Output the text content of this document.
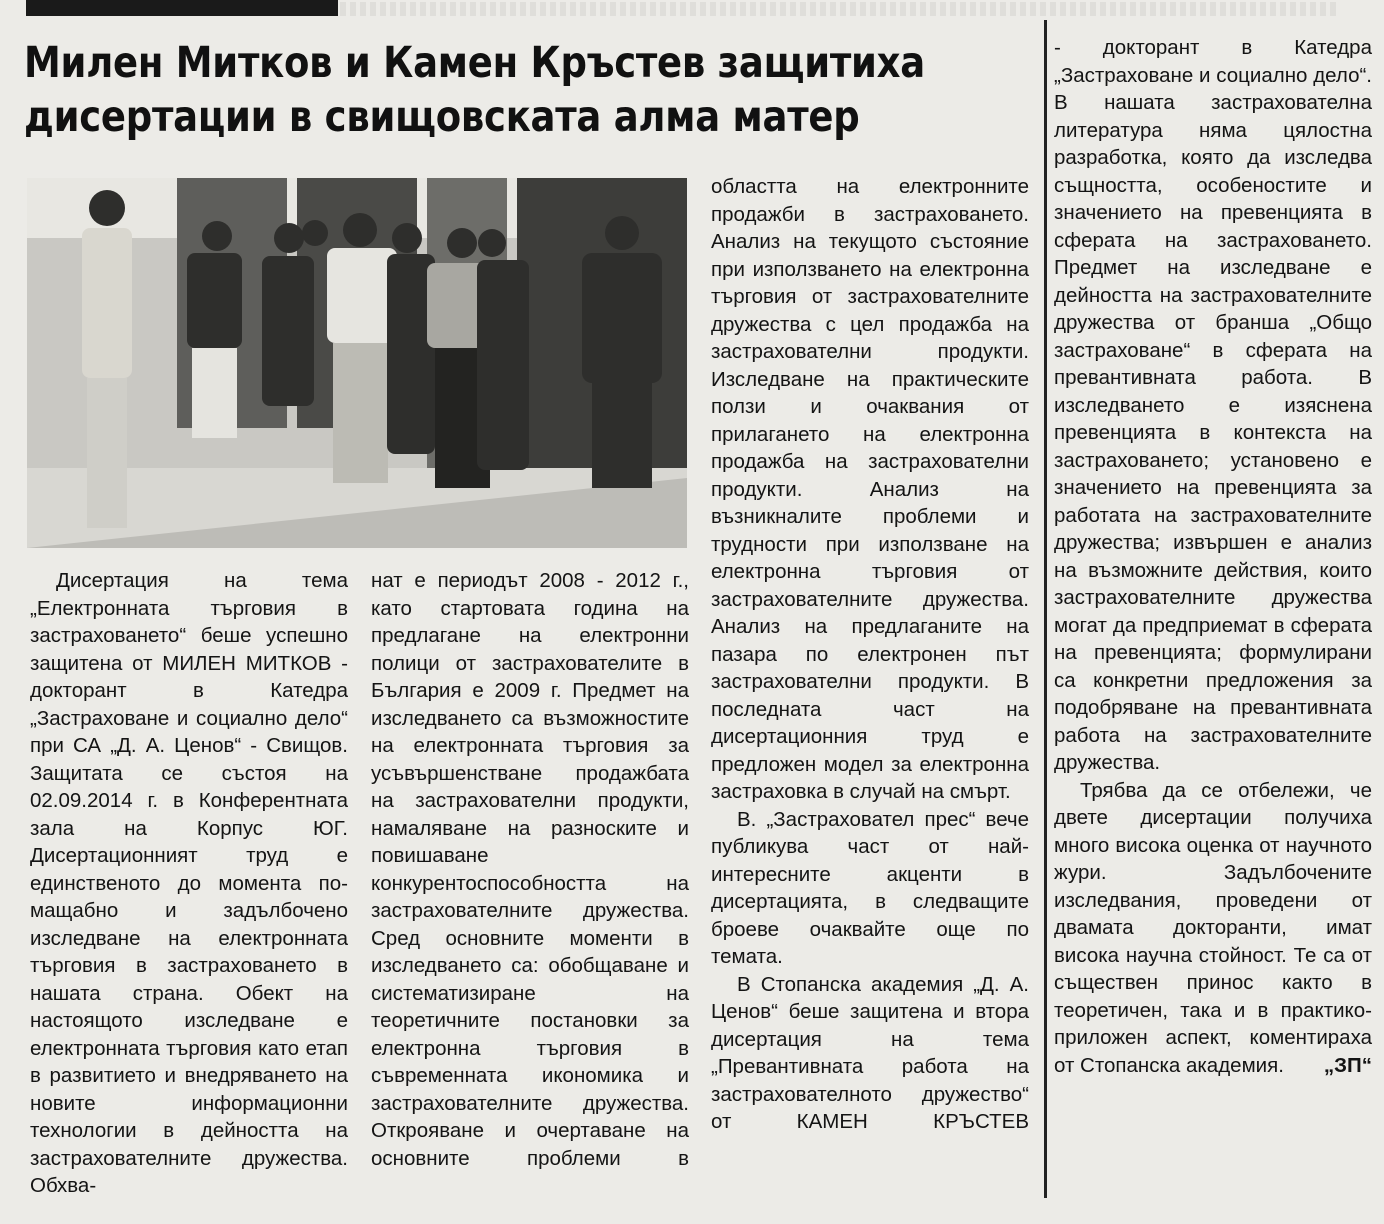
Милен Митков и Камен Кръстев защитиха
дисертации в свищовската алма матер

Дисертация на тема „Електронната търговия в застраховането“ беше успешно защитена от МИЛЕН МИТКОВ - докторант в Катедра „Застраховане и социално дело“ при СА „Д. А. Ценов“ - Свищов. Защитата се състоя на 02.09.2014 г. в Конферентната зала на Корпус ЮГ. Дисертационният труд е единственото до момента по-мащабно и задълбочено изследване на електронната търговия в застраховането в нашата страна. Обект на настоящото изследване е електронната търговия като етап в развитието и внедряването на новите информационни технологии в дейността на застрахователните дружества. Обхва-

нат е периодът 2008 - 2012 г., като стартовата година на предлагане на електронни полици от застрахователите в България е 2009 г. Предмет на изследването са възможностите на електронната търговия за усъвършенстване продажбата на застрахователни продукти, намаляване на разноските и повишаване конкурентоспособността на застрахователните дружества. Сред основните моменти в изследването са: обобщаване и систематизиране на теоретичните постановки за електронна търговия в съвременната икономика и застрахователните дружества. Открояване и очертаване на основните проблеми в

областта на електронните продажби в застраховането. Анализ на текущото състояние при използването на електронна търговия от застрахователните дружества с цел продажба на застрахователни продукти. Изследване на практическите ползи и очаквания от прилагането на електронна продажба на застрахователни продукти. Анализ на възникналите проблеми и трудности при използване на електронна търговия от застрахователните дружества. Анализ на предлаганите на пазара по електронен път застрахователни продукти. В последната част на дисертационния труд е предложен модел за електронна застраховка в случай на смърт.

В. „Застраховател прес“ вече публикува част от най-интересните акценти в дисертацията, в следващите броеве очаквайте още по темата.

В Стопанска академия „Д. А. Ценов“ беше защитена и втора дисертация на тема „Превантивната работа на застрахователното дружество“ от КАМЕН КРЪСТЕВ

- докторант в Катедра „Застраховане и социално дело“. В нашата застрахователна литература няма цялостна разработка, която да изследва същността, особеностите и значението на превенцията в сферата на застраховането. Предмет на изследване е дейността на застрахователните дружества от бранша „Общо застраховане“ в сферата на превантивната работа. В изследването е изяснена превенцията в контекста на застраховането; установено е значението на превенцията за работата на застрахователните дружества; извършен е анализ на възможните действия, които застрахователните дружества могат да предприемат в сферата на превенцията; формулирани са конкретни предложения за подобряване на превантивната работа на застрахователните дружества.

Трябва да се отбележи, че двете дисертации получиха много висока оценка от научното жури. Задълбочените изследвания, проведени от двамата докторанти, имат висока научна стойност. Те са от съществен принос както в теоретичен, така и в практико-приложен аспект, коментираха от Стопанска академия.	„ЗП“
